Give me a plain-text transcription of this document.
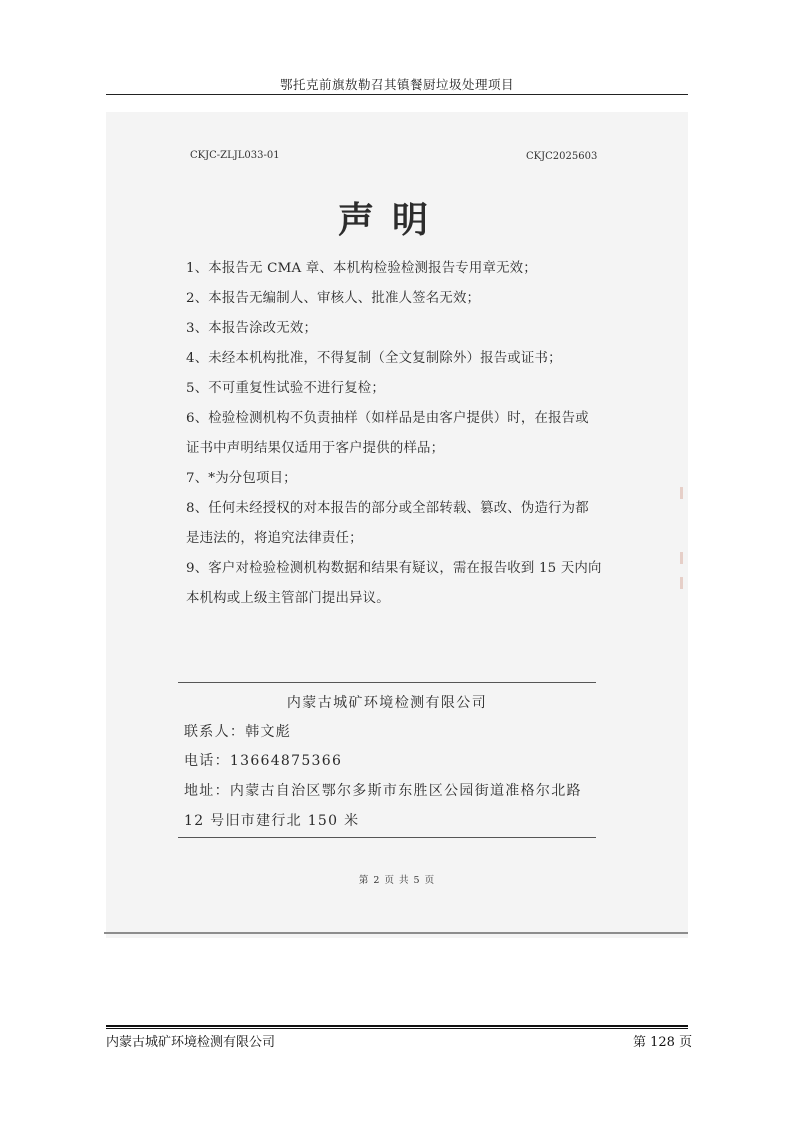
鄂托克前旗敖勒召其镇餐厨垃圾处理项目
CKJC-ZLJL033-01	CKJC2025603
声明
1、本报告无 CMA 章、本机构检验检测报告专用章无效；
2、本报告无编制人、审核人、批准人签名无效；
3、本报告涂改无效；
4、未经本机构批准，不得复制（全文复制除外）报告或证书；
5、不可重复性试验不进行复检；
6、检验检测机构不负责抽样（如样品是由客户提供）时，在报告或
证书中声明结果仅适用于客户提供的样品；
7、*为分包项目；
8、任何未经授权的对本报告的部分或全部转载、篡改、伪造行为都
是违法的，将追究法律责任；
9、客户对检验检测机构数据和结果有疑议，需在报告收到 15 天内向
本机构或上级主管部门提出异议。
内蒙古城矿环境检测有限公司
联系人：韩文彪
电话：13664875366
地址：内蒙古自治区鄂尔多斯市东胜区公园街道准格尔北路
12 号旧市建行北 150 米
第 2 页 共 5 页
内蒙古城矿环境检测有限公司	第 128 页
